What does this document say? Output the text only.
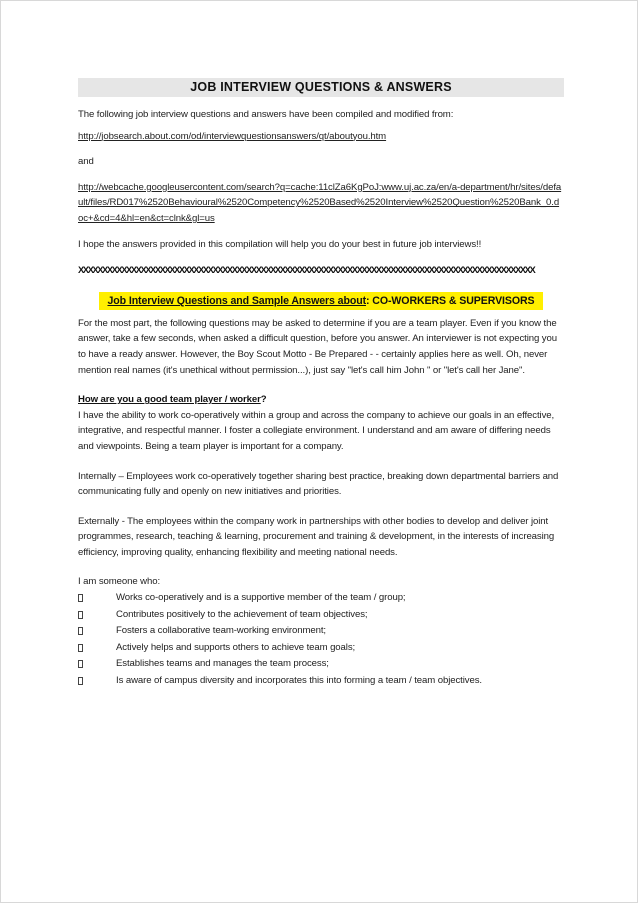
JOB INTERVIEW QUESTIONS & ANSWERS

The following job interview questions and answers have been compiled and modified from:

http://jobsearch.about.com/od/interviewquestionsanswers/qt/aboutyou.htm

and

http://webcache.googleusercontent.com/search?q=cache:11clZa6KgPoJ:www.uj.ac.za/en/a-department/hr/sites/default/files/RD017%2520Behavioural%2520Competency%2520Based%2520Interview%2520Question%2520Bank_0.doc+&cd=4&hl=en&ct=clnk&gl=us

I hope the answers provided in this compilation will help you do your best in future job interviews!!

XXXXXXXXXXXXXXXXXXXXXXXXXXXXXXXXXXXXXXXXXXXXXXXXXXXXXXXXXXXXXXXXXXXXXXXXXXXXXXXXXXXXXXXXXXXXXXX

Job Interview Questions and Sample Answers about: CO-WORKERS & SUPERVISORS

For the most part, the following questions may be asked to determine if you are a team player. Even if you know the answer, take a few seconds, when asked a difficult question, before you answer. An interviewer is not expecting you to have a ready answer. However, the Boy Scout Motto - Be Prepared - - certainly applies here as well. Oh, never mention real names (it's unethical without permission...), just say "let's call him John " or "let's call her Jane".

How are you a good team player / worker?

I have the ability to work co-operatively within a group and across the company to achieve our goals in an effective, integrative, and respectful manner. I foster a collegiate environment. I understand and am aware of differing needs and viewpoints. Being a team player is important for a company.

Internally – Employees work co-operatively together sharing best practice, breaking down departmental barriers and communicating fully and openly on new initiatives and priorities.

Externally - The employees within the company work in partnerships with other bodies to develop and deliver joint programmes, research, teaching & learning, procurement and training & development, in the interests of increasing efficiency, improving quality, enhancing flexibility and meeting national needs.

I am someone who:

Works co-operatively and is a supportive member of the team / group;
Contributes positively to the achievement of team objectives;
Fosters a collaborative team-working environment;
Actively helps and supports others to achieve team goals;
Establishes teams and manages the team process;
Is aware of campus diversity and incorporates this into forming a team / team objectives.
